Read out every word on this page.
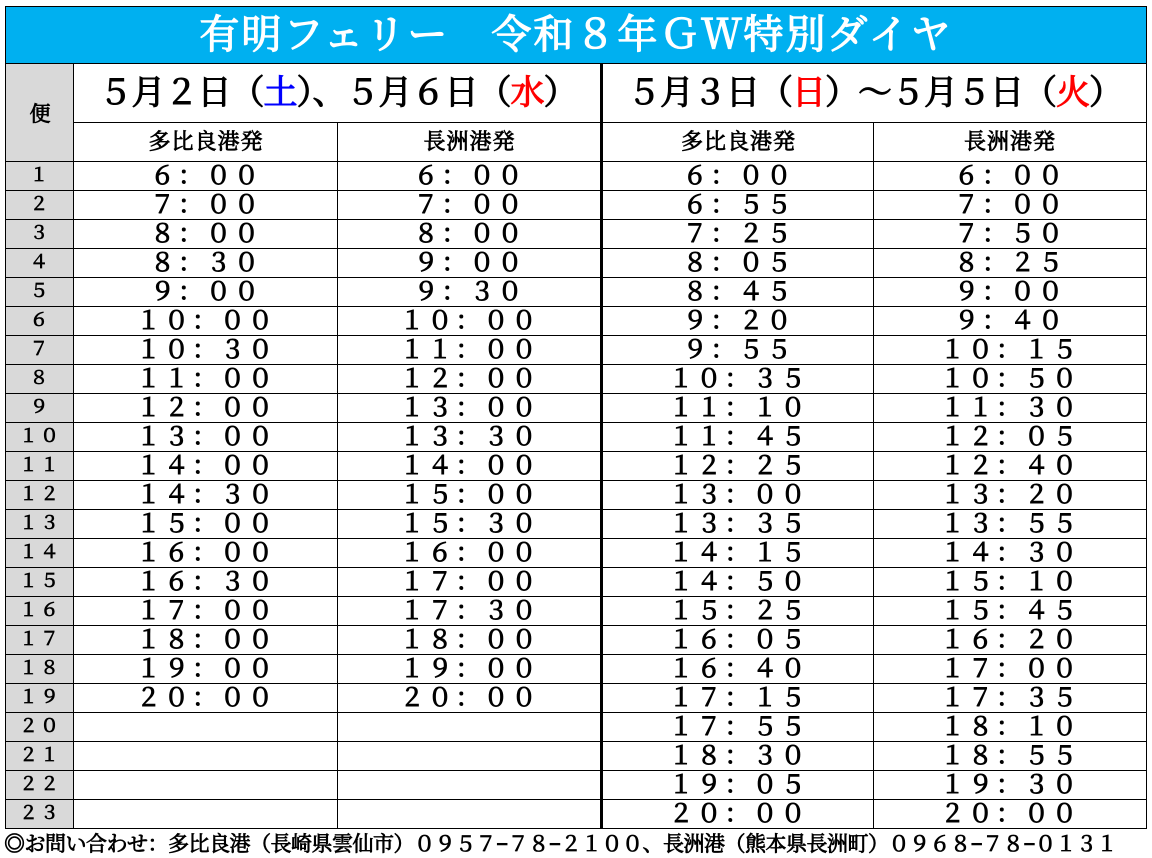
有明フェリー　令和８年ＧＷ特別ダイヤ				
便	５月２日（土）、５月６日（水）		５月３日（日）〜５月５日（火）	
	多比良港発	長洲港発	多比良港発	長洲港発
１	６：００	６：００	６：００	６：００
２	７：００	７：００	６：５５	７：００
３	８：００	８：００	７：２５	７：５０
４	８：３０	９：００	８：０５	８：２５
５	９：００	９：３０	８：４５	９：００
６	１０：００	１０：００	９：２０	９：４０
７	１０：３０	１１：００	９：５５	１０：１５
８	１１：００	１２：００	１０：３５	１０：５０
９	１２：００	１３：００	１１：１０	１１：３０
１０	１３：００	１３：３０	１１：４５	１２：０５
１１	１４：００	１４：００	１２：２５	１２：４０
１２	１４：３０	１５：００	１３：００	１３：２０
１３	１５：００	１５：３０	１３：３５	１３：５５
１４	１６：００	１６：００	１４：１５	１４：３０
１５	１６：３０	１７：００	１４：５０	１５：１０
１６	１７：００	１７：３０	１５：２５	１５：４５
１７	１８：００	１８：００	１６：０５	１６：２０
１８	１９：００	１９：００	１６：４０	１７：００
１９	２０：００	２０：００	１７：１５	１７：３５
２０			１７：５５	１８：１０
２１			１８：３０	１８：５５
２２			１９：０５	１９：３０
２３			２０：００	２０：００
◎お問い合わせ：多比良港（長崎県雲仙市）０９５７−７８−２１００、長洲港（熊本県長洲町）０９６８−７８−０１３１
